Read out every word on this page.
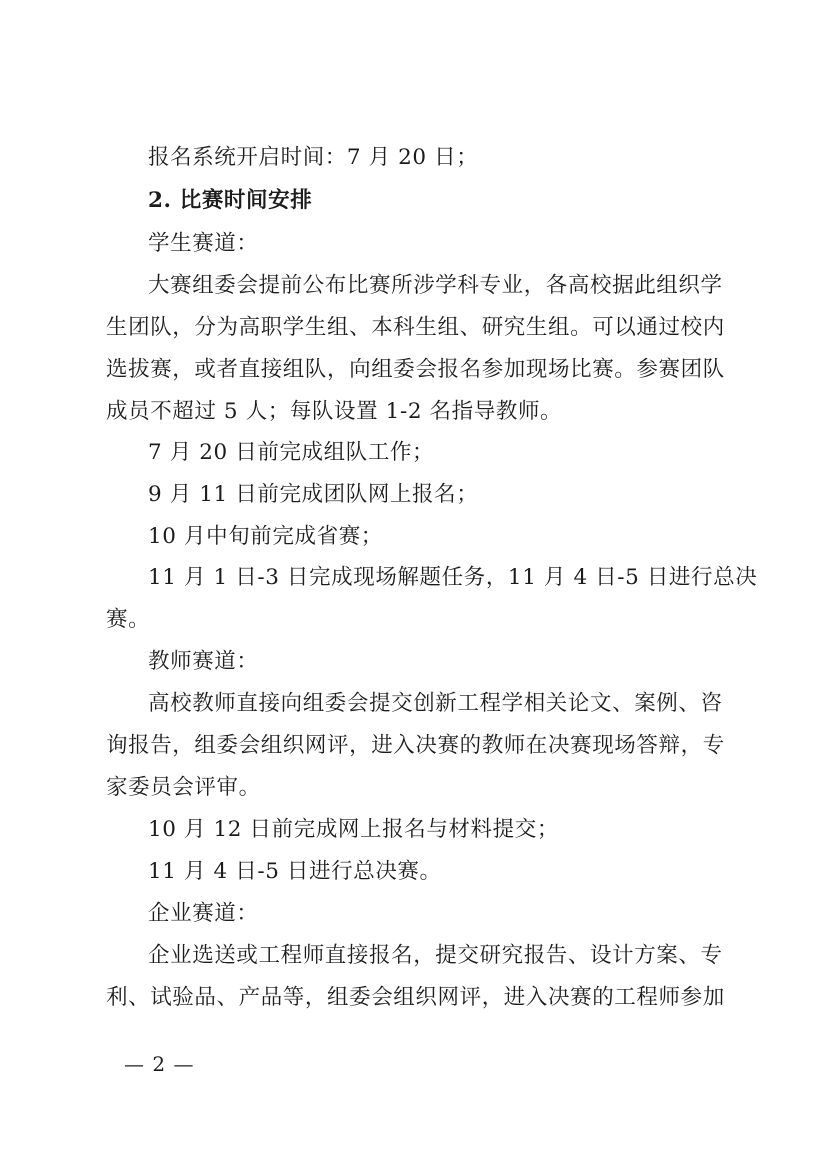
报名系统开启时间：7 月 20 日；
2. 比赛时间安排
学生赛道：
大赛组委会提前公布比赛所涉学科专业，各高校据此组织学
生团队，分为高职学生组、本科生组、研究生组。可以通过校内
选拔赛，或者直接组队，向组委会报名参加现场比赛。参赛团队
成员不超过 5 人；每队设置 1-2 名指导教师。
7 月 20 日前完成组队工作；
9 月 11 日前完成团队网上报名；
10 月中旬前完成省赛；
11 月 1 日-3 日完成现场解题任务，11 月 4 日-5 日进行总决
赛。
教师赛道：
高校教师直接向组委会提交创新工程学相关论文、案例、咨
询报告，组委会组织网评，进入决赛的教师在决赛现场答辩，专
家委员会评审。
10 月 12 日前完成网上报名与材料提交；
11 月 4 日-5 日进行总决赛。
企业赛道：
企业选送或工程师直接报名，提交研究报告、设计方案、专
利、试验品、产品等，组委会组织网评，进入决赛的工程师参加
— 2 —
